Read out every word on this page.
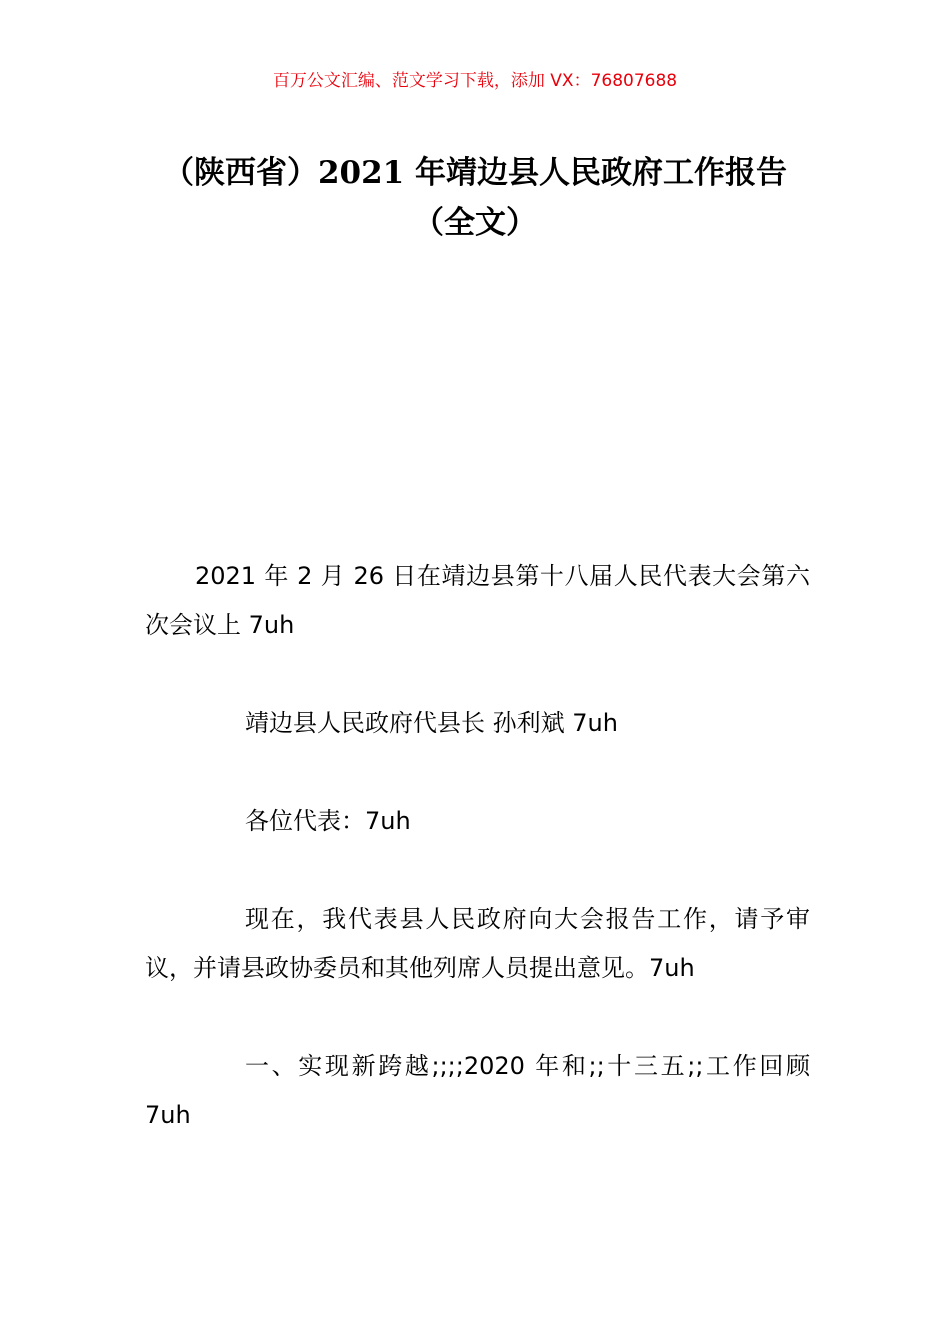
百万公文汇编、范文学习下载，添加 VX：76807688
（陕西省）2021 年靖边县人民政府工作报告（全文）

2021 年 2 月 26 日在靖边县第十八届人民代表大会第六次会议上 7uh

靖边县人民政府代县长 孙利斌 7uh

各位代表：7uh

现在，我代表县人民政府向大会报告工作，请予审议，并请县政协委员和其他列席人员提出意见。7uh

一、实现新跨越;;;;2020 年和;;十三五;;工作回顾 7uh
